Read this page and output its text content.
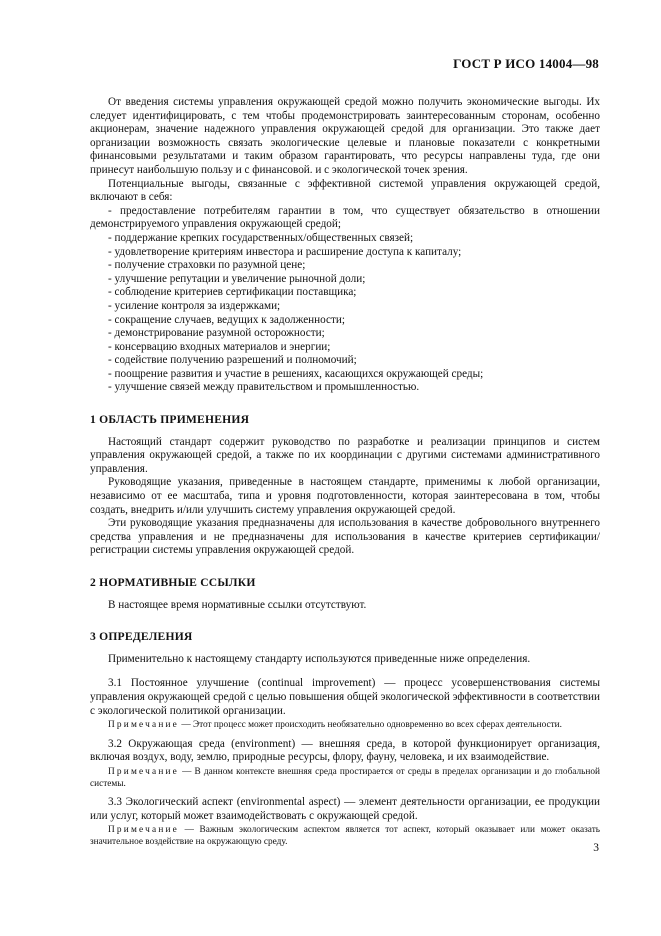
ГОСТ Р ИСО 14004—98

От введения системы управления окружающей средой можно получить экономические выгоды. Их следует идентифицировать, с тем чтобы продемонстрировать заинтересованным сторонам, особенно акционерам, значение надежного управления окружающей средой для организации. Это также дает организации возможность связать экологические целевые и плановые показатели с конкретными финансовыми результатами и таким образом гарантировать, что ресурсы направлены туда, где они принесут наибольшую пользу и с финансовой. и с экологической точек зрения.

Потенциальные выгоды, связанные с эффективной системой управления окружающей средой, включают в себя:

- предоставление потребителям гарантии в том, что существует обязательство в отношении демонстрируемого управления окружающей средой;
- поддержание крепких государственных/общественных связей;
- удовлетворение критериям инвестора и расширение доступа к капиталу;
- получение страховки по разумной цене;
- улучшение репутации и увеличение рыночной доли;
- соблюдение критериев сертификации поставщика;
- усиление контроля за издержками;
- сокращение случаев, ведущих к задолженности;
- демонстрирование разумной осторожности;
- консервацию входных материалов и энергии;
- содействие получению разрешений и полномочий;
- поощрение развития и участие в решениях, касающихся окружающей среды;
- улучшение связей между правительством и промышленностью.
1 ОБЛАСТЬ ПРИМЕНЕНИЯ

Настоящий стандарт содержит руководство по разработке и реализации принципов и систем управления окружающей средой, а также по их координации с другими системами административного управления.

Руководящие указания, приведенные в настоящем стандарте, применимы к любой организации, независимо от ее масштаба, типа и уровня подготовленности, которая заинтересована в том, чтобы создать, внедрить и/или улучшить систему управления окружающей средой.

Эти руководящие указания предназначены для использования в качестве добровольного внутреннего средства управления и не предназначены для использования в качестве критериев сертификации/регистрации системы управления окружающей средой.

2 НОРМАТИВНЫЕ ССЫЛКИ

В настоящее время нормативные ссылки отсутствуют.

3 ОПРЕДЕЛЕНИЯ

Применительно к настоящему стандарту используются приведенные ниже определения.

3.1 Постоянное улучшение (continual improvement) — процесс усовершенствования системы управления окружающей средой с целью повышения общей экологической эффективности в соответствии с экологической политикой организации.

Примечание — Этот процесс может происходить необязательно одновременно во всех сферах деятельности.

3.2 Окружающая среда (environment) — внешняя среда, в которой функционирует организация, включая воздух, воду, землю, природные ресурсы, флору, фауну, человека, и их взаимодействие.

Примечание — В данном контексте внешняя среда простирается от среды в пределах организации и до глобальной системы.

3.3 Экологический аспект (environmental aspect) — элемент деятельности организации, ее продукции или услуг, который может взаимодействовать с окружающей средой.

Примечание — Важным экологическим аспектом является тот аспект, который оказывает или может оказать значительное воздействие на окружающую среду.

3
